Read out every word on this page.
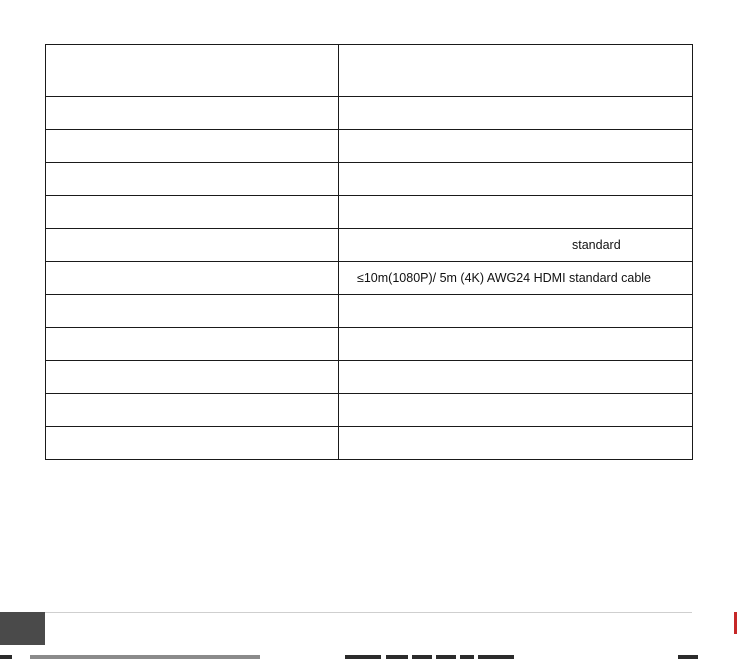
	standard
	≤10m(1080P)/ 5m (4K) AWG24 HDMI standard cable
